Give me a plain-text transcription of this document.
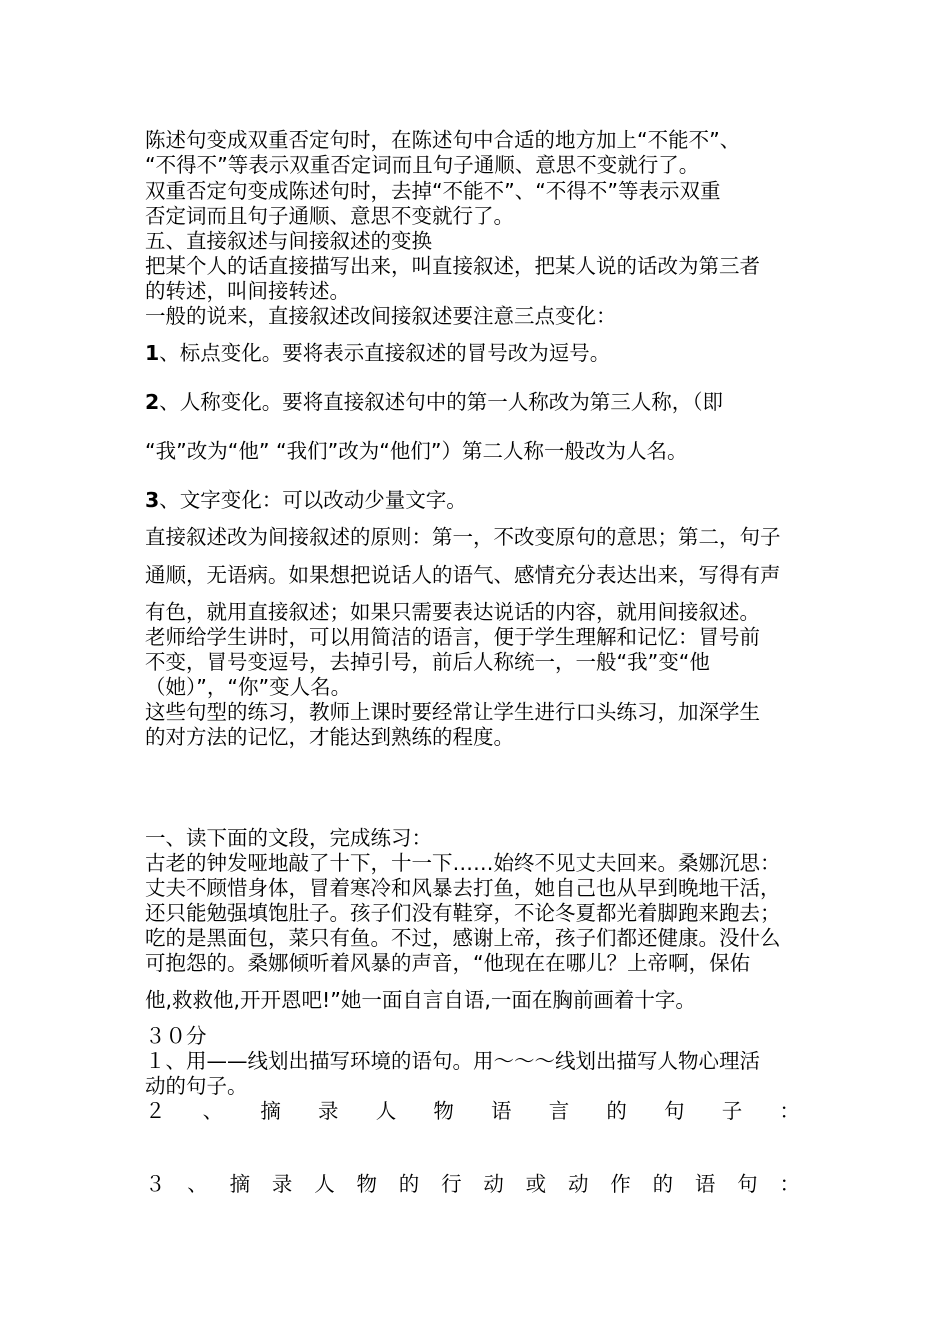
陈述句变成双重否定句时，在陈述句中合适的地方加上“不能不”、
“不得不”等表示双重否定词而且句子通顺、意思不变就行了。
双重否定句变成陈述句时，去掉“不能不”、“不得不”等表示双重
否定词而且句子通顺、意思不变就行了。
五、直接叙述与间接叙述的变换
把某个人的话直接描写出来，叫直接叙述，把某人说的话改为第三者
的转述，叫间接转述。
一般的说来，直接叙述改间接叙述要注意三点变化：
1、标点变化。要将表示直接叙述的冒号改为逗号。
2、人称变化。要将直接叙述句中的第一人称改为第三人称，（即
“我”改为“他” “我们”改为“他们”）第二人称一般改为人名。
3、文字变化：可以改动少量文字。
直接叙述改为间接叙述的原则：第一，不改变原句的意思；第二，句子
通顺，无语病。如果想把说话人的语气、感情充分表达出来，写得有声
有色，就用直接叙述；如果只需要表达说话的内容，就用间接叙述。
老师给学生讲时，可以用简洁的语言，便于学生理解和记忆：冒号前
不变，冒号变逗号，去掉引号，前后人称统一，一般“我”变“他
（她）”，“你”变人名。
这些句型的练习，教师上课时要经常让学生进行口头练习，加深学生
的对方法的记忆，才能达到熟练的程度。
一、读下面的文段，完成练习：
古老的钟发哑地敲了十下，十一下……始终不见丈夫回来。桑娜沉思：
丈夫不顾惜身体，冒着寒冷和风暴去打鱼，她自己也从早到晚地干活，
还只能勉强填饱肚子。孩子们没有鞋穿，不论冬夏都光着脚跑来跑去；
吃的是黑面包，菜只有鱼。不过，感谢上帝，孩子们都还健康。没什么
可抱怨的。桑娜倾听着风暴的声音，“他现在在哪儿？上帝啊，保佑
他,救救他,开开恩吧!”她一面自言自语,一面在胸前画着十字。
３０分
１、用——线划出描写环境的语句。用～～～线划出描写人物心理活
动的句子。
２ 、 摘 录 人 物 语 言 的 句 子 ：
３ 、 摘 录 人 物 的 行 动 或 动 作 的 语 句 ：
